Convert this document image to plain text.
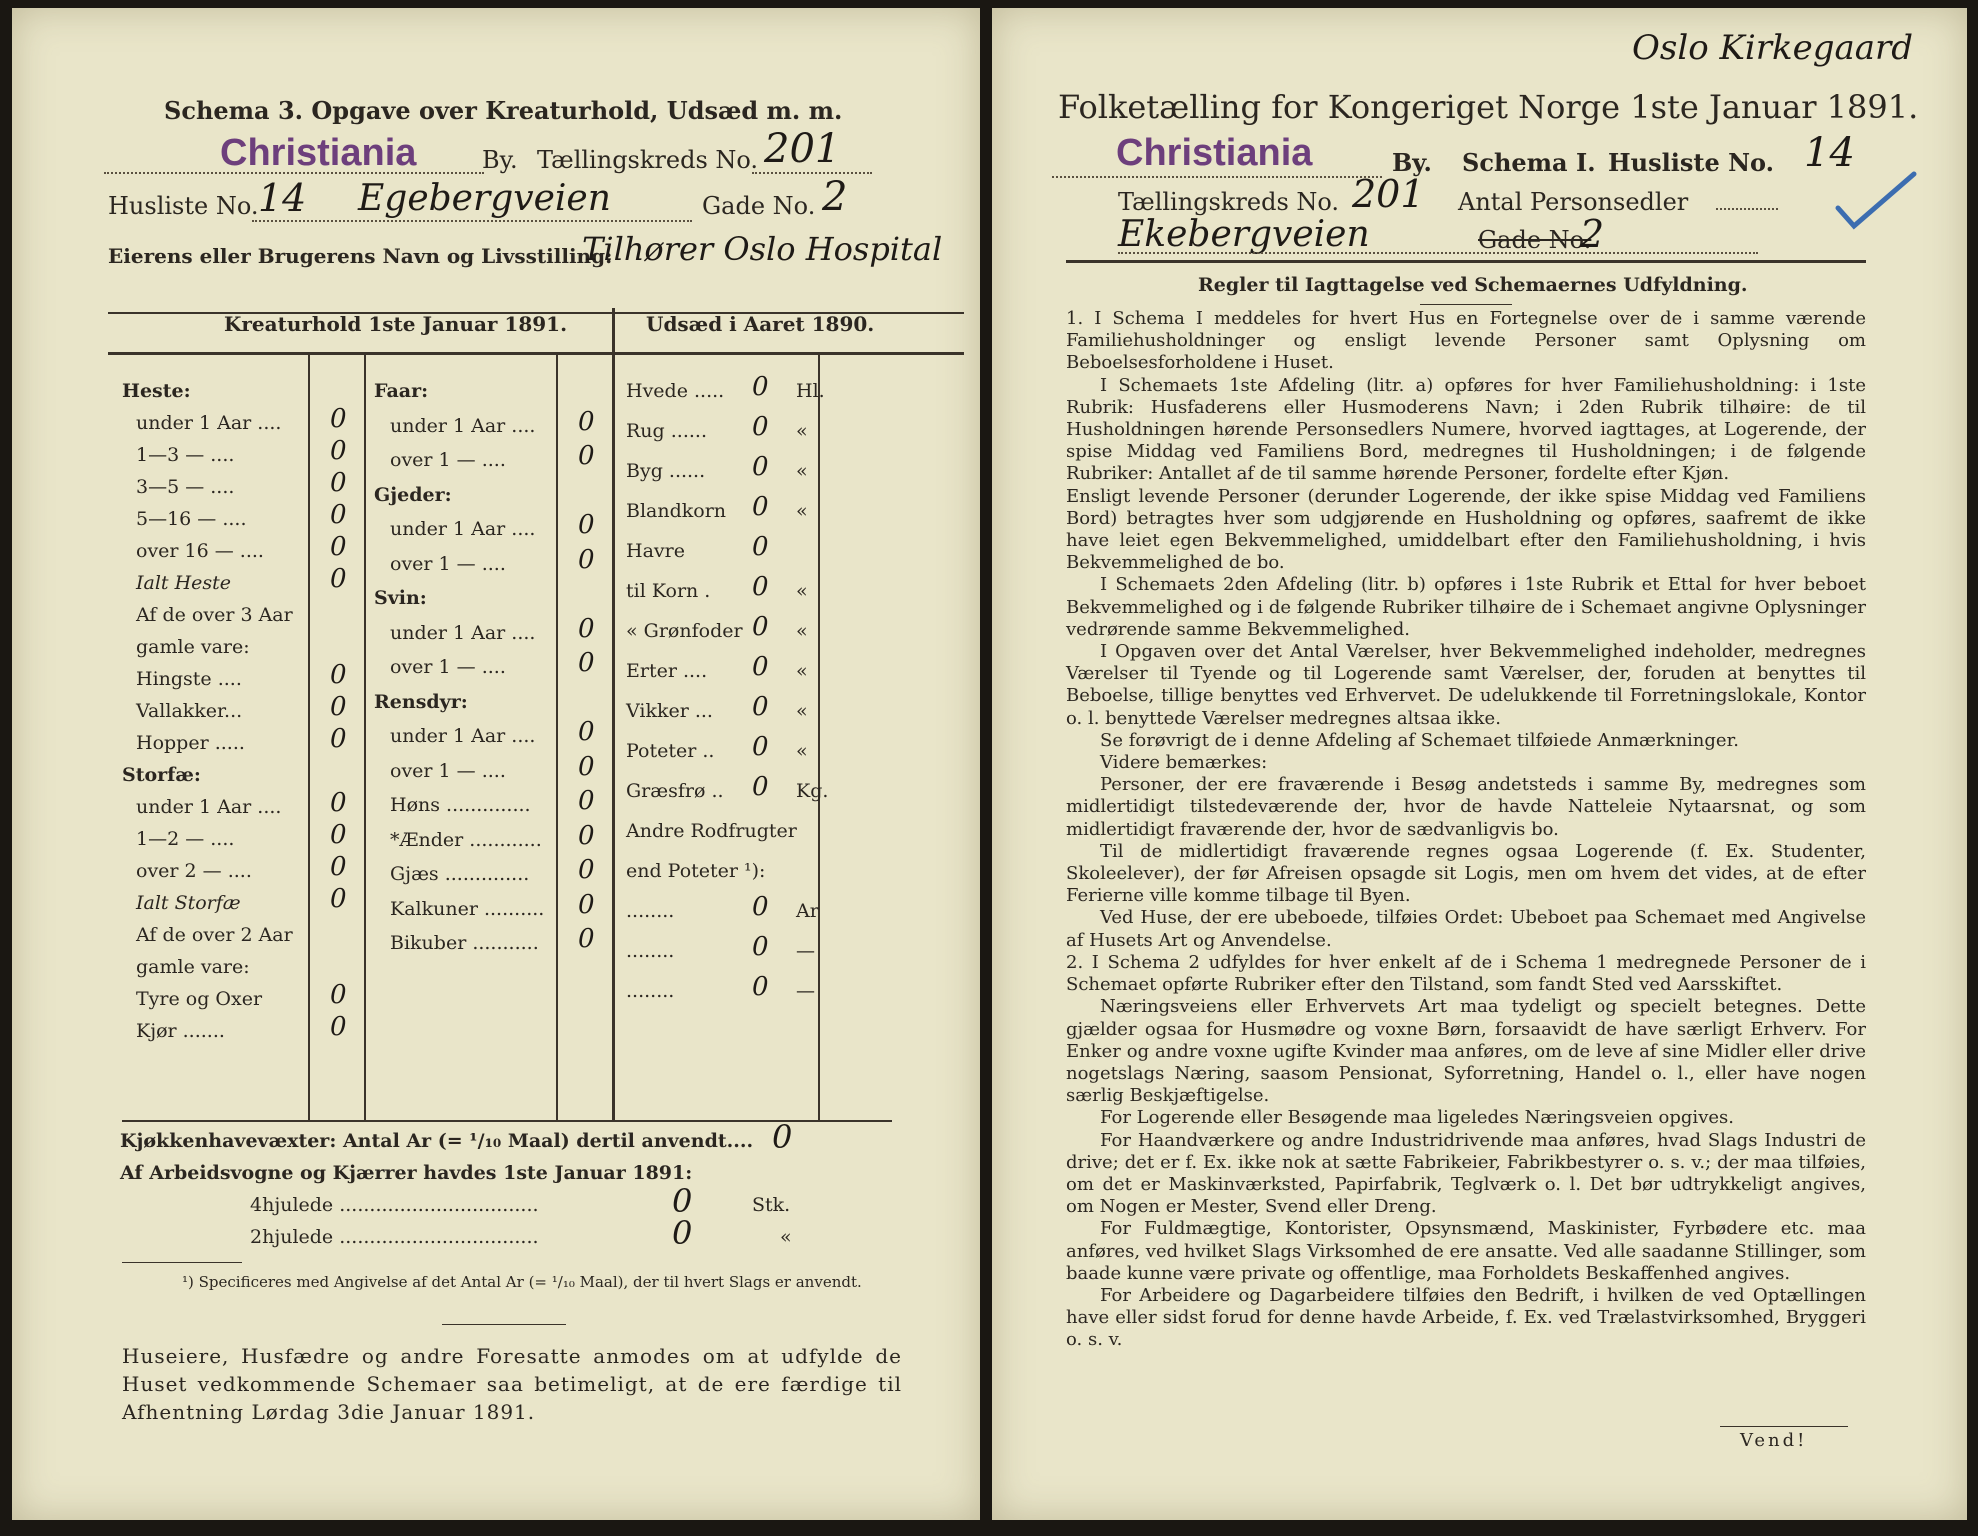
Schema 3. Opgave over Kreaturhold, Udsæd m. m.
Christiania	By. Tællingskreds No. 201
Husliste No. 14 Egebergveien	Gade No. 2
Eierens eller Brugerens Navn og Livsstilling:
Tilhører Oslo Hospital
Kreaturhold 1ste Januar 1891.	Udsæd i Aaret 1890.
Heste:
under 1 Aar .... 0
1—3 — ....	0
3—5 — ....	0
5—16 — ....	0
over 16 — ....	0
Ialt Heste	0
Af de over 3 Aar
gamle vare:
Hingste ....	0
Vallakker...	0
Hopper .....	0
Storfæ:
under 1 Aar .... 0
1—2 — ....	0
over 2 — ....	0
Ialt Storfæ	0
Af de over 2 Aar
gamle vare:
Tyre og Oxer	0
Kjør .......	0
Faar:
under 1 Aar .... 0
over 1 — ....	0
Gjeder:
under 1 Aar .... 0
over 1 — ....	0
Svin:
under 1 Aar .... 0
over 1 — ....	0
Rensdyr:
under 1 Aar .... 0
over 1 — ....	0
Høns .............. 0
*Ænder ............ 0
Gjæs .............. 0
Kalkuner .......... 0
Bikuber ........... 0
Hvede ..... 0 Hl.
Rug ...... 0 «
Byg ...... 0 «
Blandkorn 0 «
Havre	0
til Korn . 0 «
« Grønfoder 0 «
Erter .... 0 «
Vikker ... 0 «
Poteter .. 0 «
Græsfrø .. 0 Kg.
Andre Rodfrugter
end Poteter ¹):
........	0 Ar
........	0 —
........	0 —
Kjøkkenhavevæxter: Antal Ar (= ¹/₁₀ Maal) dertil anvendt.... 0
Af Arbeidsvogne og Kjærrer havdes 1ste Januar 1891:
4hjulede .................................	0	Stk.
2hjulede .................................	0	«
¹) Specificeres med Angivelse af det Antal Ar (= ¹/₁₀ Maal), der til hvert Slags er anvendt.
Huseiere, Husfædre og andre Foresatte anmodes om at udfylde de Huset vedkommende Schemaer saa betimeligt, at de ere færdige til Afhentning Lørdag 3die Januar 1891.
Oslo Kirkegaard
Folketælling for Kongeriget Norge 1ste Januar 1891.
Christiania	By. Schema I. Husliste No. 14
Tællingskreds No. 201 Antal Personsedler
Ekebergveien	Gade No.
2
Regler til Iagttagelse ved Schemaernes Udfyldning.

1. I Schema I meddeles for hvert Hus en Fortegnelse over de i samme værende Familiehusholdninger og ensligt levende Personer samt Oplysning om Beboelsesforholdene i Huset.

I Schemaets 1ste Afdeling (litr. a) opføres for hver Familiehusholdning: i 1ste Rubrik: Husfaderens eller Husmoderens Navn; i 2den Rubrik tilhøire: de til Husholdningen hørende Personsedlers Numere, hvorved iagttages, at Logerende, der spise Middag ved Familiens Bord, medregnes til Husholdningen; i de følgende Rubriker: Antallet af de til samme hørende Personer, fordelte efter Kjøn.

Ensligt levende Personer (derunder Logerende, der ikke spise Middag ved Familiens Bord) betragtes hver som udgjørende en Husholdning og opføres, saafremt de ikke have leiet egen Bekvemmelighed, umiddelbart efter den Familiehusholdning, i hvis Bekvemmelighed de bo.

I Schemaets 2den Afdeling (litr. b) opføres i 1ste Rubrik et Ettal for hver beboet Bekvemmelighed og i de følgende Rubriker tilhøire de i Schemaet angivne Oplysninger vedrørende samme Bekvemmelighed.

I Opgaven over det Antal Værelser, hver Bekvemmelighed indeholder, medregnes Værelser til Tyende og til Logerende samt Værelser, der, foruden at benyttes til Beboelse, tillige benyttes ved Erhvervet. De udelukkende til Forretningslokale, Kontor o. l. benyttede Værelser medregnes altsaa ikke.

Se forøvrigt de i denne Afdeling af Schemaet tilføiede Anmærkninger.

Videre bemærkes:

Personer, der ere fraværende i Besøg andetsteds i samme By, medregnes som midlertidigt tilstedeværende der, hvor de havde Natteleie Nytaarsnat, og som midlertidigt fraværende der, hvor de sædvanligvis bo.

Til de midlertidigt fraværende regnes ogsaa Logerende (f. Ex. Studenter, Skoleelever), der før Afreisen opsagde sit Logis, men om hvem det vides, at de efter Ferierne ville komme tilbage til Byen.

Ved Huse, der ere ubeboede, tilføies Ordet: Ubeboet paa Schemaet med Angivelse af Husets Art og Anvendelse.

2. I Schema 2 udfyldes for hver enkelt af de i Schema 1 medregnede Personer de i Schemaet opførte Rubriker efter den Tilstand, som fandt Sted ved Aarsskiftet.

Næringsveiens eller Erhvervets Art maa tydeligt og specielt betegnes. Dette gjælder ogsaa for Husmødre og voxne Børn, forsaavidt de have særligt Erhverv. For Enker og andre voxne ugifte Kvinder maa anføres, om de leve af sine Midler eller drive nogetslags Næring, saasom Pensionat, Syforretning, Handel o. l., eller have nogen særlig Beskjæftigelse.

For Logerende eller Besøgende maa ligeledes Næringsveien opgives.

For Haandværkere og andre Industridrivende maa anføres, hvad Slags Industri de drive; det er f. Ex. ikke nok at sætte Fabrikeier, Fabrikbestyrer o. s. v.; der maa tilføies, om det er Maskinværksted, Papirfabrik, Teglværk o. l. Det bør udtrykkeligt angives, om Nogen er Mester, Svend eller Dreng.

For Fuldmægtige, Kontorister, Opsynsmænd, Maskinister, Fyrbødere etc. maa anføres, ved hvilket Slags Virksomhed de ere ansatte. Ved alle saadanne Stillinger, som baade kunne være private og offentlige, maa Forholdets Beskaffenhed angives.

For Arbeidere og Dagarbeidere tilføies den Bedrift, i hvilken de ved Optællingen have eller sidst forud for denne havde Arbeide, f. Ex. ved Trælastvirksomhed, Bryggeri o. s. v.

Vend!
